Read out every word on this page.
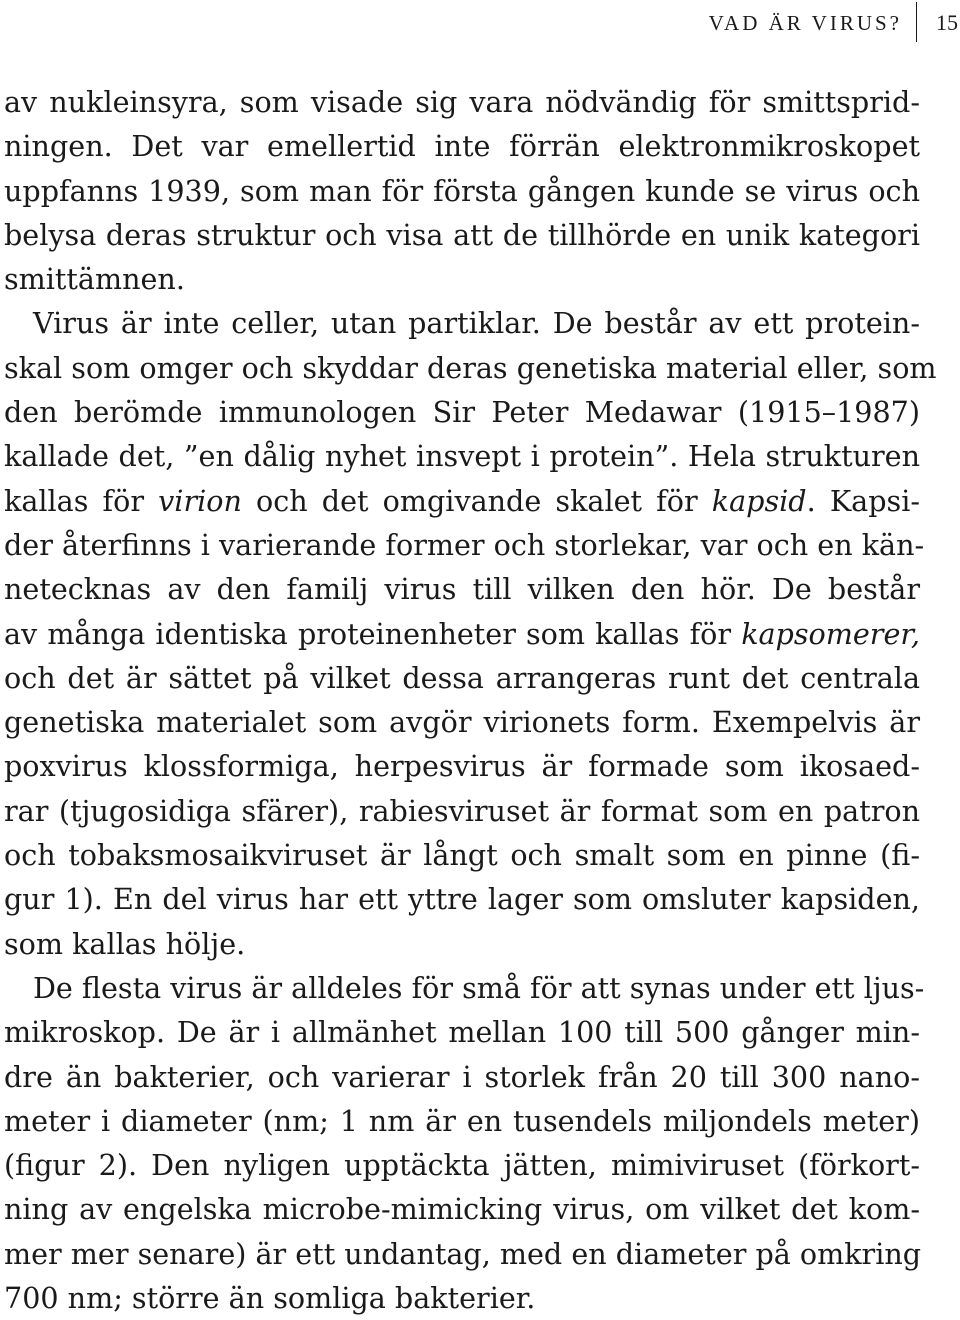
VAD ÄR VIRUS? 15
av nukleinsyra, som visade sig vara nödvändig för smittsprid-
ningen. Det var emellertid inte förrän elektronmikroskopet
uppfanns 1939, som man för första gången kunde se virus och
belysa deras struktur och visa att de tillhörde en unik kategori
smittämnen.
Virus är inte celler, utan partiklar. De består av ett protein-
skal som omger och skyddar deras genetiska material eller, som
den berömde immunologen Sir Peter Medawar (1915–1987)
kallade det, ”en dålig nyhet insvept i protein”. Hela strukturen
kallas för virion och det omgivande skalet för kapsid. Kapsi-
der återfinns i varierande former och storlekar, var och en kän-
netecknas av den familj virus till vilken den hör. De består
av många identiska proteinenheter som kallas för kapsomerer,
och det är sättet på vilket dessa arrangeras runt det centrala
genetiska materialet som avgör virionets form. Exempelvis är
poxvirus klossformiga, herpesvirus är formade som ikosaed-
rar (tjugosidiga sfärer), rabiesviruset är format som en patron
och tobaksmosaikviruset är långt och smalt som en pinne (fi-
gur 1). En del virus har ett yttre lager som omsluter kapsiden,
som kallas hölje.
De flesta virus är alldeles för små för att synas under ett ljus-
mikroskop. De är i allmänhet mellan 100 till 500 gånger min-
dre än bakterier, och varierar i storlek från 20 till 300 nano-
meter i diameter (nm; 1 nm är en tusendels miljondels meter)
(figur 2). Den nyligen upptäckta jätten, mimiviruset (förkort-
ning av engelska microbe-mimicking virus, om vilket det kom-
mer mer senare) är ett undantag, med en diameter på omkring
700 nm; större än somliga bakterier.
